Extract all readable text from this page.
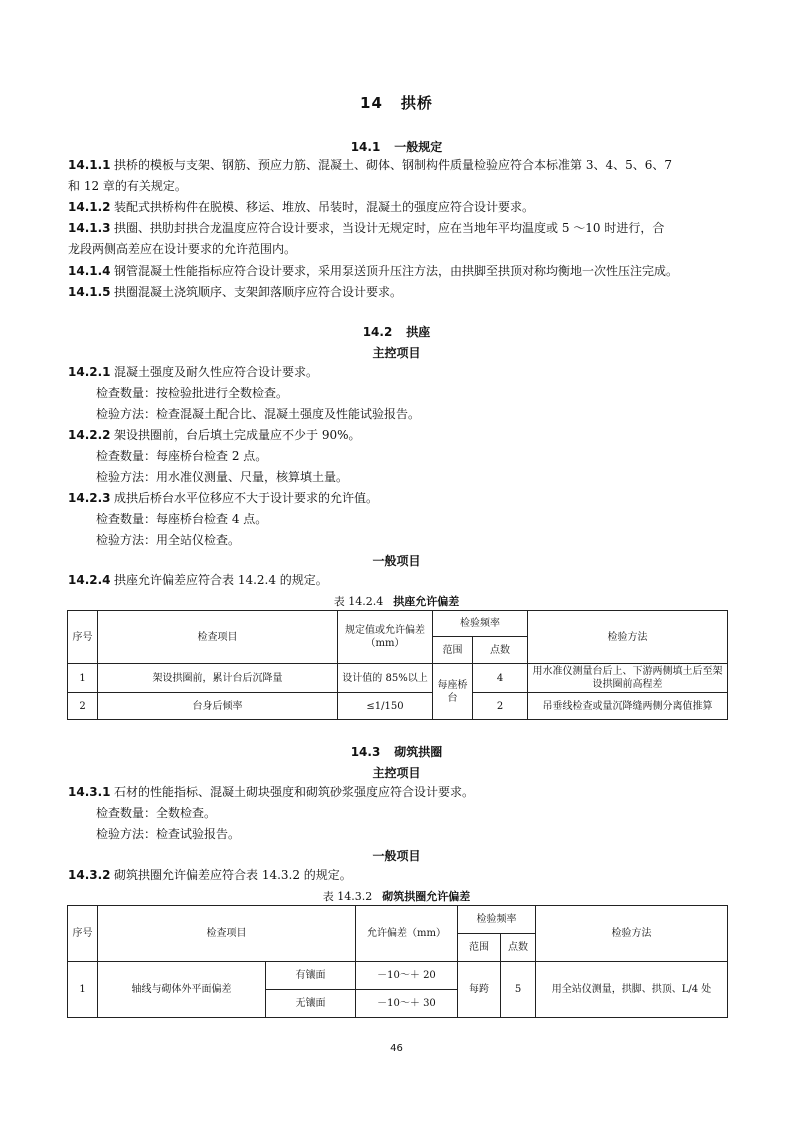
14 拱桥
14.1 一般规定
14.1.1 拱桥的模板与支架、钢筋、预应力筋、混凝土、砌体、钢制构件质量检验应符合本标准第 3、4、5、6、7
和 12 章的有关规定。
14.1.2 装配式拱桥构件在脱模、移运、堆放、吊装时，混凝土的强度应符合设计要求。
14.1.3 拱圈、拱肋封拱合龙温度应符合设计要求，当设计无规定时，应在当地年平均温度或 5 ～10 时进行，合
龙段两侧高差应在设计要求的允许范围内。
14.1.4 钢管混凝土性能指标应符合设计要求，采用泵送顶升压注方法，由拱脚至拱顶对称均衡地一次性压注完成。
14.1.5 拱圈混凝土浇筑顺序、支架卸落顺序应符合设计要求。
14.2 拱座
主控项目
14.2.1 混凝土强度及耐久性应符合设计要求。
检查数量：按检验批进行全数检查。
检验方法：检查混凝土配合比、混凝土强度及性能试验报告。
14.2.2 架设拱圈前，台后填土完成量应不少于 90%。
检查数量：每座桥台检查 2 点。
检验方法：用水准仪测量、尺量，核算填土量。
14.2.3 成拱后桥台水平位移应不大于设计要求的允许值。
检查数量：每座桥台检查 4 点。
检验方法：用全站仪检查。
一般项目
14.2.4 拱座允许偏差应符合表 14.2.4 的规定。
表 14.2.4 拱座允许偏差
序号	检查项目	规定值或允许偏差（mm）	检验频率		检验方法
			范围	点数	
1	架设拱圈前，累计台后沉降量	设计值的 85%以上	每座桥台	4	用水准仪测量台后上、下游两侧填土后至架设拱圈前高程差
2	台身后倾率	≤1/150		2	吊垂线检查或量沉降缝两侧分离值推算
14.3 砌筑拱圈
主控项目
14.3.1 石材的性能指标、混凝土砌块强度和砌筑砂浆强度应符合设计要求。
检查数量：全数检查。
检验方法：检查试验报告。
一般项目
14.3.2 砌筑拱圈允许偏差应符合表 14.3.2 的规定。
表 14.3.2 砌筑拱圈允许偏差
序号	检查项目		允许偏差（mm）	检验频率		检验方法
				范围	点数	
1	轴线与砌体外平面偏差	有镶面	－10～＋ 20	每跨	5	用全站仪测量，拱脚、拱顶、L/4 处
		无镶面	－10～＋ 30			
46
